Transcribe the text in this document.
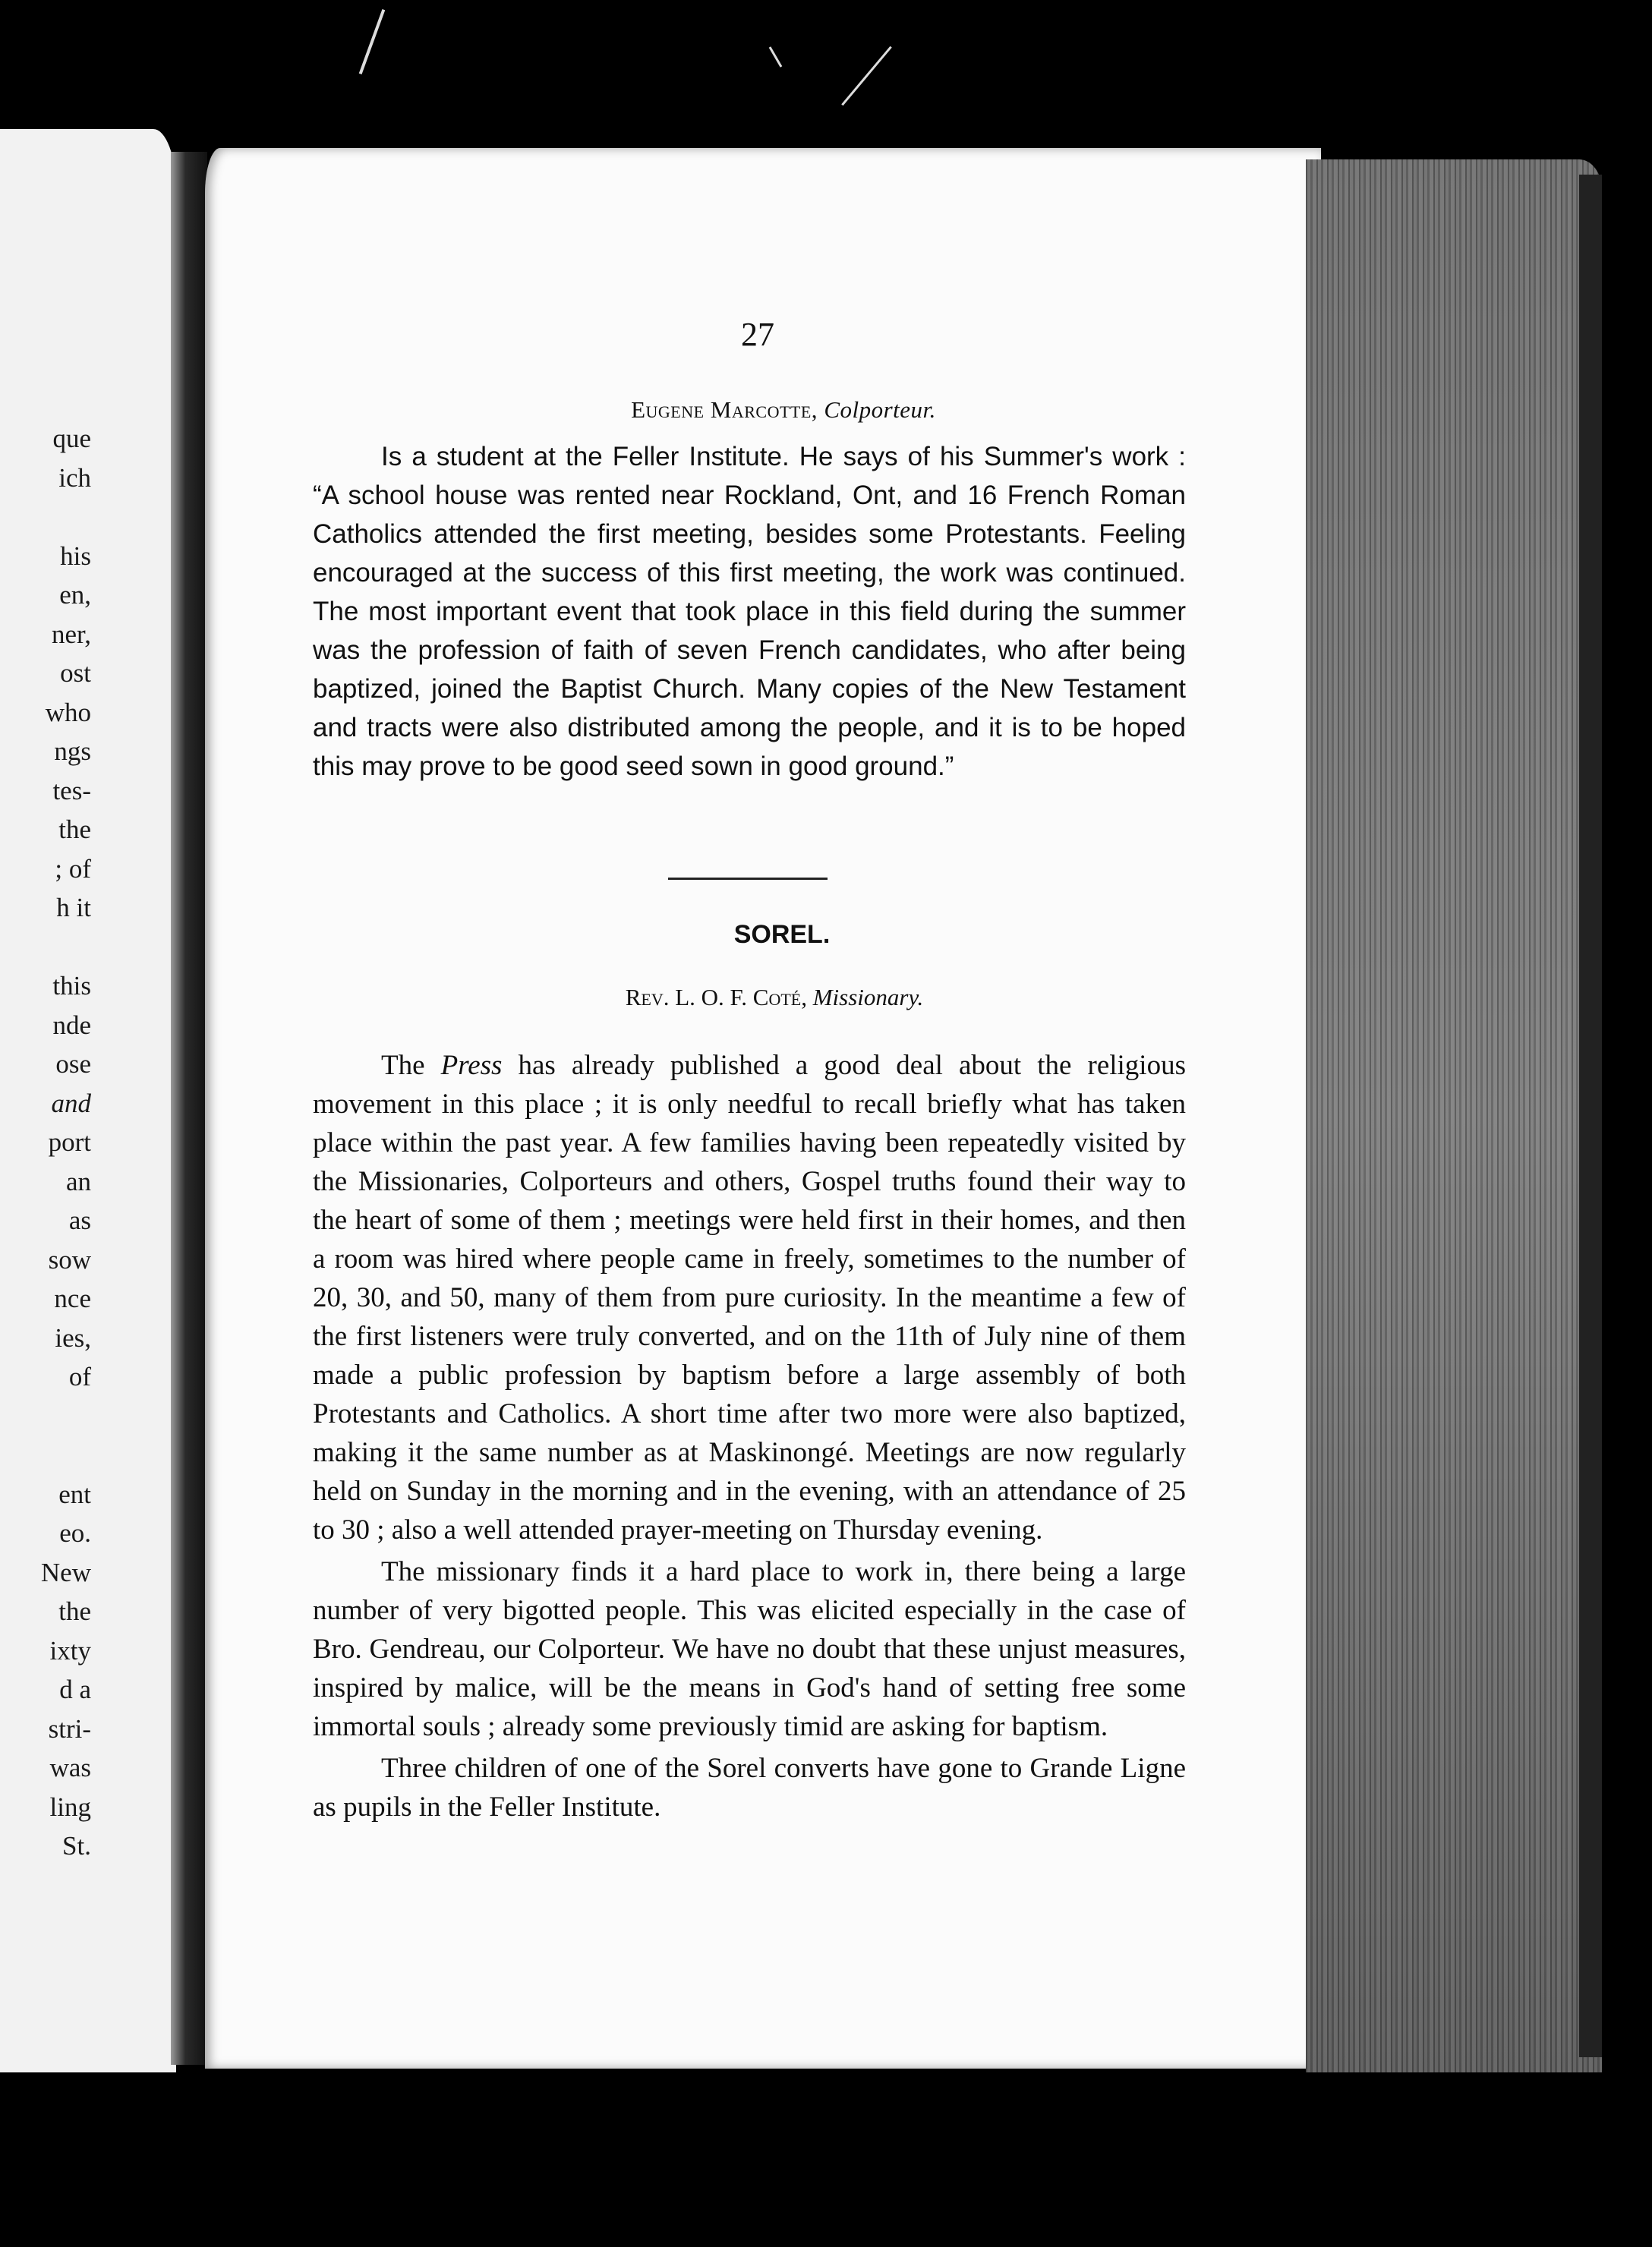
que
ich
his
en,
ner,
ost
who
ngs
tes-
the
; of
h it
this
nde
ose
and
port
an
as
sow
nce
ies,
of
ent
eo.
New
the
ixty
d a
stri-
was
ling
St.
27
Eugene Marcotte, Colporteur.

Is a student at the Feller Institute. He says of his Summer's work : “A school house was rented near Rockland, Ont, and 16 French Roman Catholics attended the first meeting, besides some Protestants. Feeling encouraged at the success of this first meeting, the work was continued. The most important event that took place in this field during the summer was the profession of faith of seven French candidates, who after being baptized, joined the Baptist Church. Many copies of the New Testament and tracts were also distributed among the people, and it is to be hoped this may prove to be good seed sown in good ground.”

SOREL.
Rev. L. O. F. Coté, Missionary.

The Press has already published a good deal about the religious movement in this place ; it is only needful to recall briefly what has taken place within the past year. A few families having been repeatedly visited by the Missionaries, Colporteurs and others, Gospel truths found their way to the heart of some of them ; meetings were held first in their homes, and then a room was hired where people came in freely, sometimes to the number of 20, 30, and 50, many of them from pure curiosity. In the meantime a few of the first listeners were truly converted, and on the 11th of July nine of them made a public profession by baptism before a large assembly of both Protestants and Catholics. A short time after two more were also baptized, making it the same number as at Maskinongé. Meetings are now regularly held on Sunday in the morning and in the evening, with an attendance of 25 to 30 ; also a well attended prayer-meeting on Thursday evening.

The missionary finds it a hard place to work in, there being a large number of very bigotted people. This was elicited especially in the case of Bro. Gendreau, our Colporteur. We have no doubt that these unjust measures, inspired by malice, will be the means in God's hand of setting free some immortal souls ; already some previously timid are asking for baptism.

Three children of one of the Sorel converts have gone to Grande Ligne as pupils in the Feller Institute.
